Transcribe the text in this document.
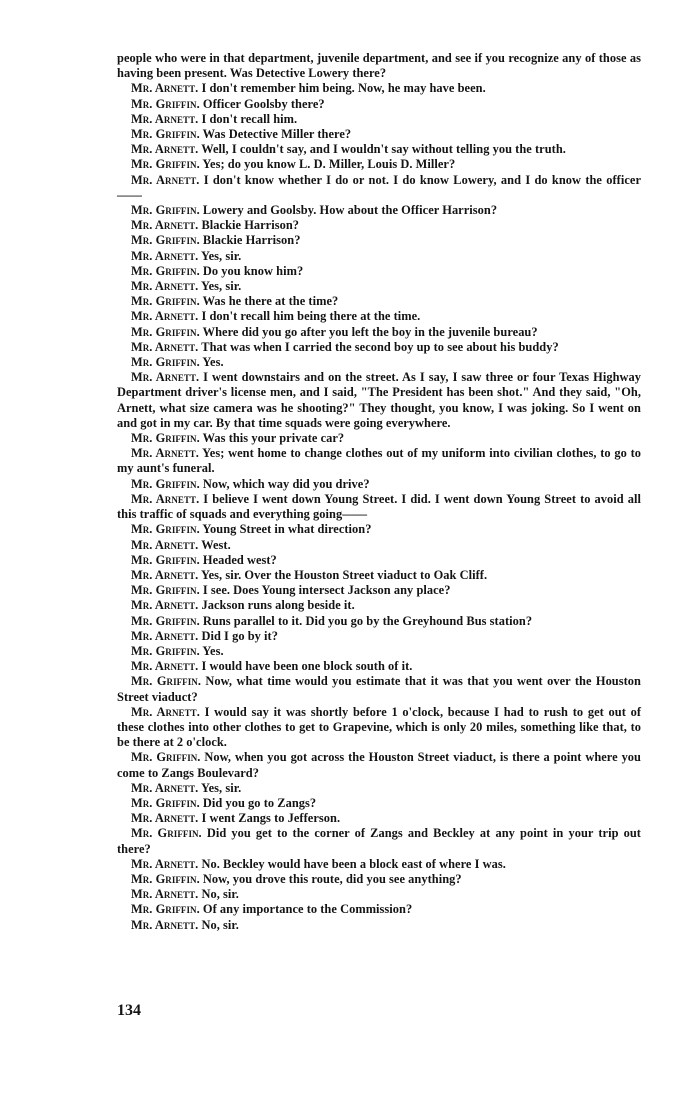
people who were in that department, juvenile department, and see if you recognize any of those as having been present. Was Detective Lowery there?

Mr. Arnett. I don't remember him being. Now, he may have been.

Mr. Griffin. Officer Goolsby there?

Mr. Arnett. I don't recall him.

Mr. Griffin. Was Detective Miller there?

Mr. Arnett. Well, I couldn't say, and I wouldn't say without telling you the truth.

Mr. Griffin. Yes; do you know L. D. Miller, Louis D. Miller?

Mr. Arnett. I don't know whether I do or not. I do know Lowery, and I do know the officer——

Mr. Griffin. Lowery and Goolsby. How about the Officer Harrison?

Mr. Arnett. Blackie Harrison?

Mr. Griffin. Blackie Harrison?

Mr. Arnett. Yes, sir.

Mr. Griffin. Do you know him?

Mr. Arnett. Yes, sir.

Mr. Griffin. Was he there at the time?

Mr. Arnett. I don't recall him being there at the time.

Mr. Griffin. Where did you go after you left the boy in the juvenile bureau?

Mr. Arnett. That was when I carried the second boy up to see about his buddy?

Mr. Griffin. Yes.

Mr. Arnett. I went downstairs and on the street. As I say, I saw three or four Texas Highway Department driver's license men, and I said, "The President has been shot." And they said, "Oh, Arnett, what size camera was he shooting?" They thought, you know, I was joking. So I went on and got in my car. By that time squads were going everywhere.

Mr. Griffin. Was this your private car?

Mr. Arnett. Yes; went home to change clothes out of my uniform into civilian clothes, to go to my aunt's funeral.

Mr. Griffin. Now, which way did you drive?

Mr. Arnett. I believe I went down Young Street. I did. I went down Young Street to avoid all this traffic of squads and everything going——

Mr. Griffin. Young Street in what direction?

Mr. Arnett. West.

Mr. Griffin. Headed west?

Mr. Arnett. Yes, sir. Over the Houston Street viaduct to Oak Cliff.

Mr. Griffin. I see. Does Young intersect Jackson any place?

Mr. Arnett. Jackson runs along beside it.

Mr. Griffin. Runs parallel to it. Did you go by the Greyhound Bus station?

Mr. Arnett. Did I go by it?

Mr. Griffin. Yes.

Mr. Arnett. I would have been one block south of it.

Mr. Griffin. Now, what time would you estimate that it was that you went over the Houston Street viaduct?

Mr. Arnett. I would say it was shortly before 1 o'clock, because I had to rush to get out of these clothes into other clothes to get to Grapevine, which is only 20 miles, something like that, to be there at 2 o'clock.

Mr. Griffin. Now, when you got across the Houston Street viaduct, is there a point where you come to Zangs Boulevard?

Mr. Arnett. Yes, sir.

Mr. Griffin. Did you go to Zangs?

Mr. Arnett. I went Zangs to Jefferson.

Mr. Griffin. Did you get to the corner of Zangs and Beckley at any point in your trip out there?

Mr. Arnett. No. Beckley would have been a block east of where I was.

Mr. Griffin. Now, you drove this route, did you see anything?

Mr. Arnett. No, sir.

Mr. Griffin. Of any importance to the Commission?

Mr. Arnett. No, sir.

134
